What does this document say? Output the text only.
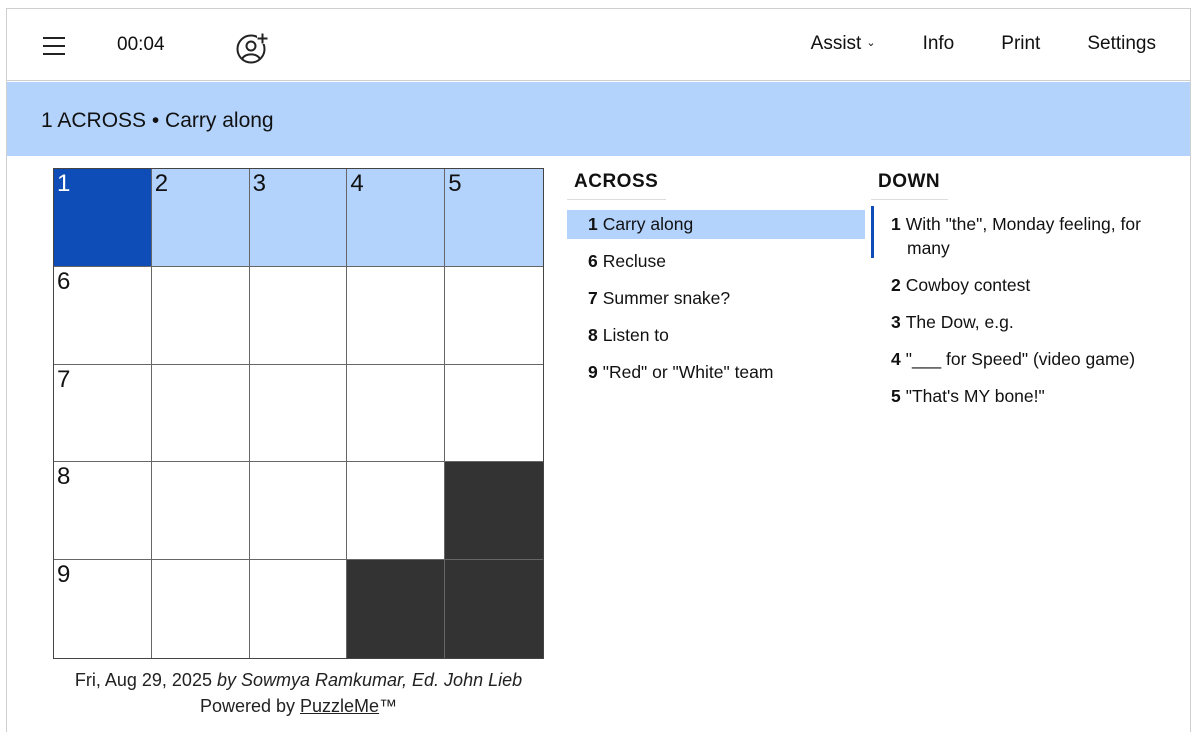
00:04	Assist ⌄ Info Print Settings
1 ACROSS • Carry along
1	2	3	4	5
6
7
8
9
Fri, Aug 29, 2025 by Sowmya Ramkumar, Ed. John Lieb
Powered by PuzzleMe™
ACROSS
1 Carry along
6 Recluse
7 Summer snake?
8 Listen to
9 "Red" or "White" team
DOWN
1 With "the", Monday feeling, for many
2 Cowboy contest
3 The Dow, e.g.
4 "___ for Speed" (video game)
5 "That's MY bone!"
